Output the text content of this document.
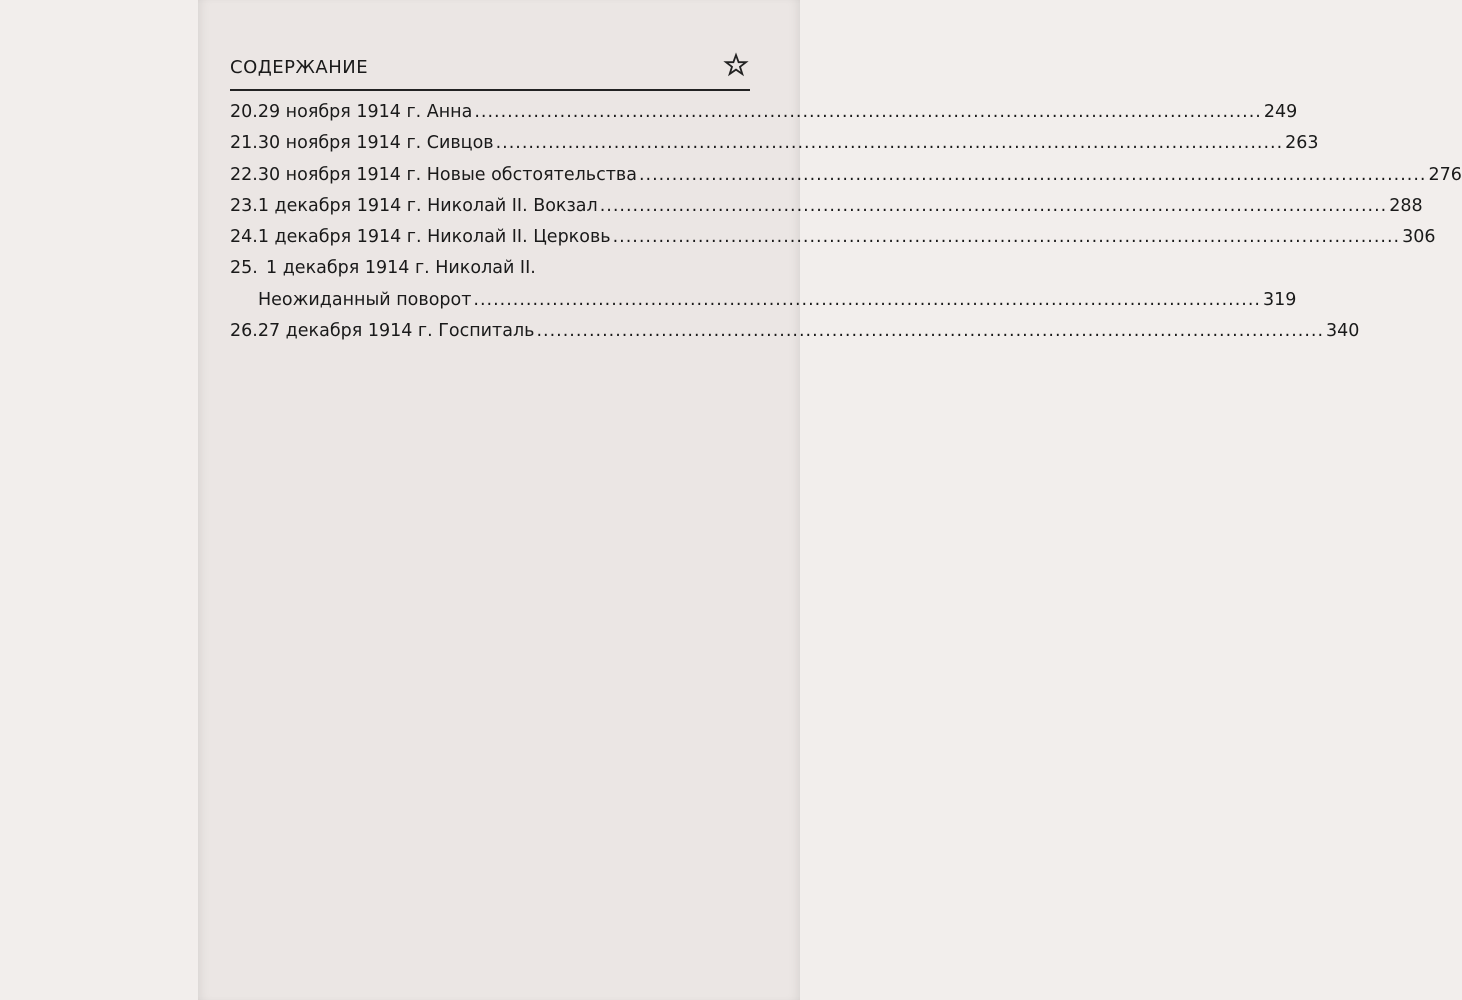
СОДЕРЖАНИЕ
20. 29 ноября 1914 г. Анна .....	249
21. 30 ноября 1914 г. Сивцов .....	263
22. 30 ноября 1914 г. Новые обстоятельства .....	276
23. 1 декабря 1914 г. Николай II. Вокзал .....	288
24. 1 декабря 1914 г. Николай II. Церковь .....	306
25. 1 декабря 1914 г. Николай II.
Неожиданный поворот .....	319
26. 27 декабря 1914 г. Госпиталь .....	340
